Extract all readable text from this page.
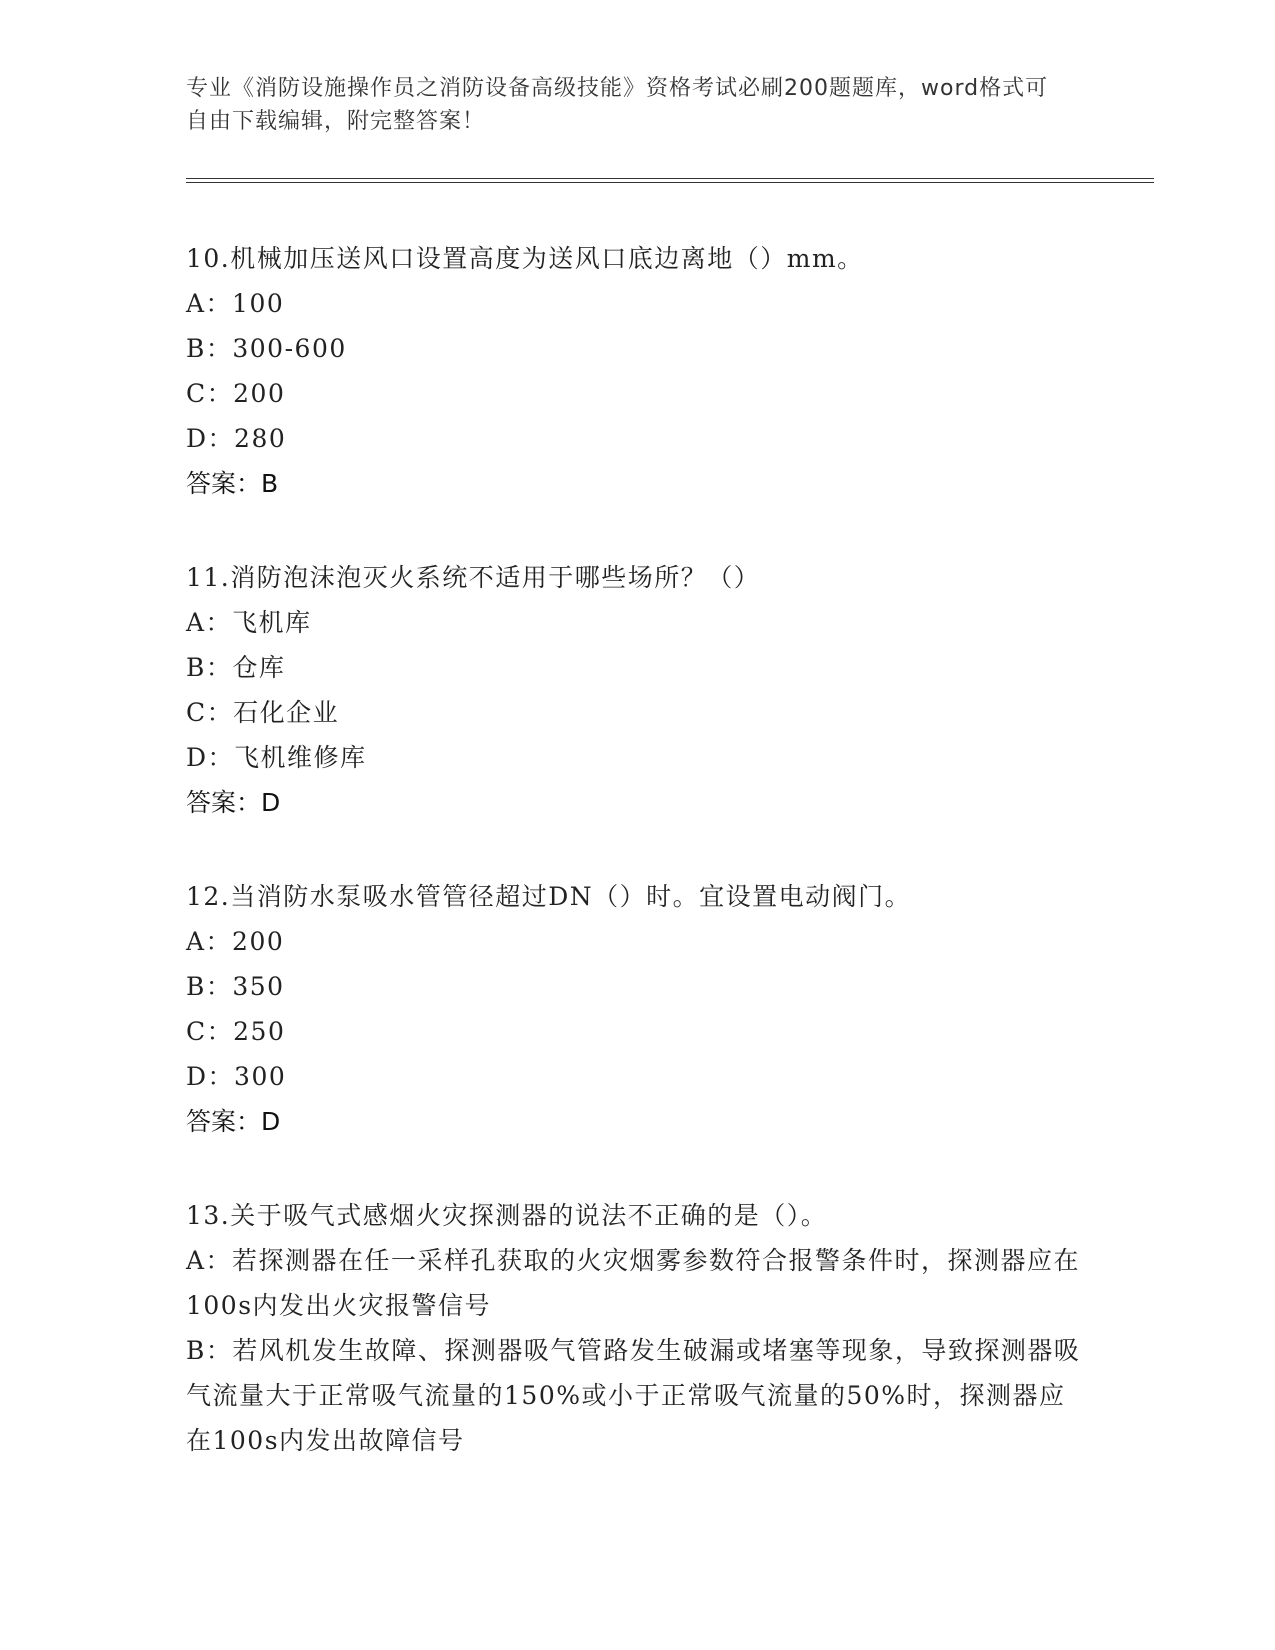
专业《消防设施操作员之消防设备高级技能》资格考试必刷200题题库，word格式可自由下载编辑，附完整答案！

10.机械加压送风口设置高度为送风口底边离地（）mm。

A：100

B：300-600

C：200

D：280

答案：B

11.消防泡沫泡灭火系统不适用于哪些场所？（）

A：飞机库

B：仓库

C：石化企业

D：飞机维修库

答案：D

12.当消防水泵吸水管管径超过DN（）时。宜设置电动阀门。

A：200

B：350

C：250

D：300

答案：D

13.关于吸气式感烟火灾探测器的说法不正确的是（）。

A：若探测器在任一采样孔获取的火灾烟雾参数符合报警条件时，探测器应在100s内发出火灾报警信号

B：若风机发生故障、探测器吸气管路发生破漏或堵塞等现象，导致探测器吸气流量大于正常吸气流量的150%或小于正常吸气流量的50%时，探测器应在100s内发出故障信号
